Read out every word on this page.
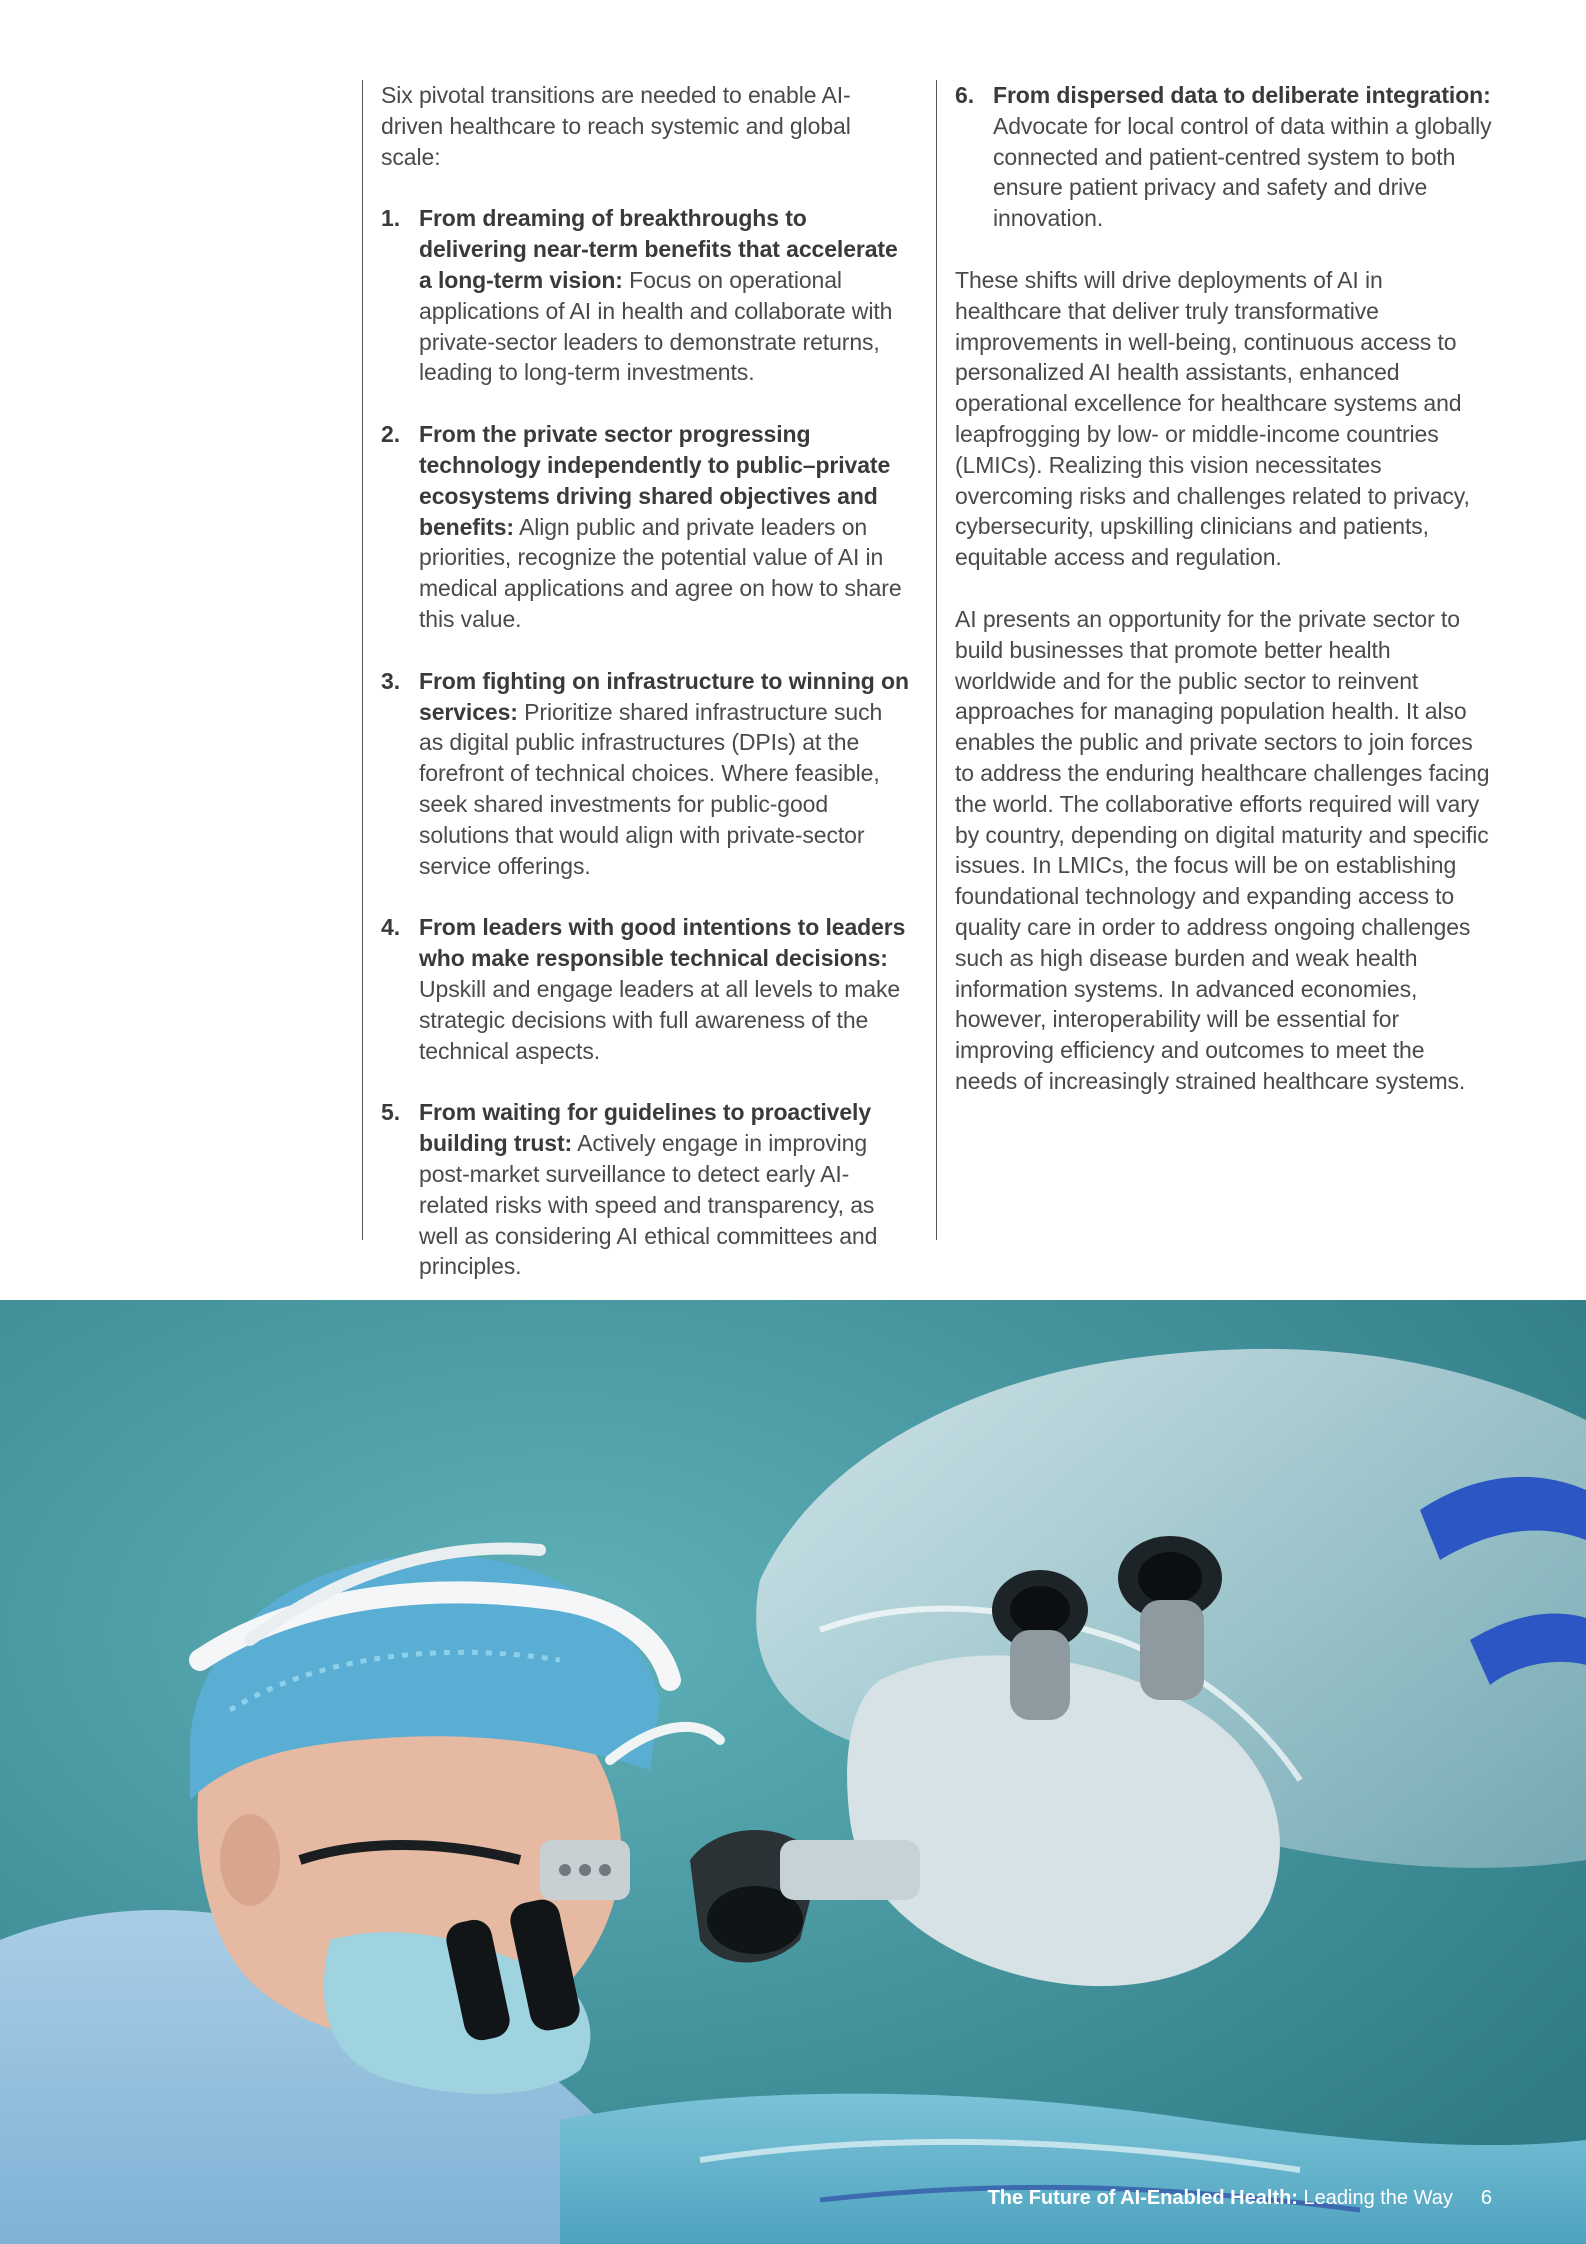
Six pivotal transitions are needed to enable AI-driven healthcare to reach systemic and global scale:

1. From dreaming of breakthroughs to delivering near-term benefits that accelerate a long-term vision: Focus on operational applications of AI in health and collaborate with private-sector leaders to demonstrate returns, leading to long-term investments.
2. From the private sector progressing technology independently to public–private ecosystems driving shared objectives and benefits: Align public and private leaders on priorities, recognize the potential value of AI in medical applications and agree on how to share this value.
3. From fighting on infrastructure to winning on services: Prioritize shared infrastructure such as digital public infrastructures (DPIs) at the forefront of technical choices. Where feasible, seek shared investments for public-good solutions that would align with private-sector service offerings.
4. From leaders with good intentions to leaders who make responsible technical decisions: Upskill and engage leaders at all levels to make strategic decisions with full awareness of the technical aspects.
5. From waiting for guidelines to proactively building trust: Actively engage in improving post-market surveillance to detect early AI-related risks with speed and transparency, as well as considering AI ethical committees and principles.
6. From dispersed data to deliberate integration: Advocate for local control of data within a globally connected and patient-centred system to both ensure patient privacy and safety and drive innovation.

These shifts will drive deployments of AI in healthcare that deliver truly transformative improvements in well-being, continuous access to personalized AI health assistants, enhanced operational excellence for healthcare systems and leapfrogging by low- or middle-income countries (LMICs). Realizing this vision necessitates overcoming risks and challenges related to privacy, cybersecurity, upskilling clinicians and patients, equitable access and regulation.

AI presents an opportunity for the private sector to build businesses that promote better health worldwide and for the public sector to reinvent approaches for managing population health. It also enables the public and private sectors to join forces to address the enduring healthcare challenges facing the world. The collaborative efforts required will vary by country, depending on digital maturity and specific issues. In LMICs, the focus will be on establishing foundational technology and expanding access to quality care in order to address ongoing challenges such as high disease burden and weak health information systems. In advanced economies, however, interoperability will be essential for improving efficiency and outcomes to meet the needs of increasingly strained healthcare systems.

The Future of AI-Enabled Health: Leading the Way 6
